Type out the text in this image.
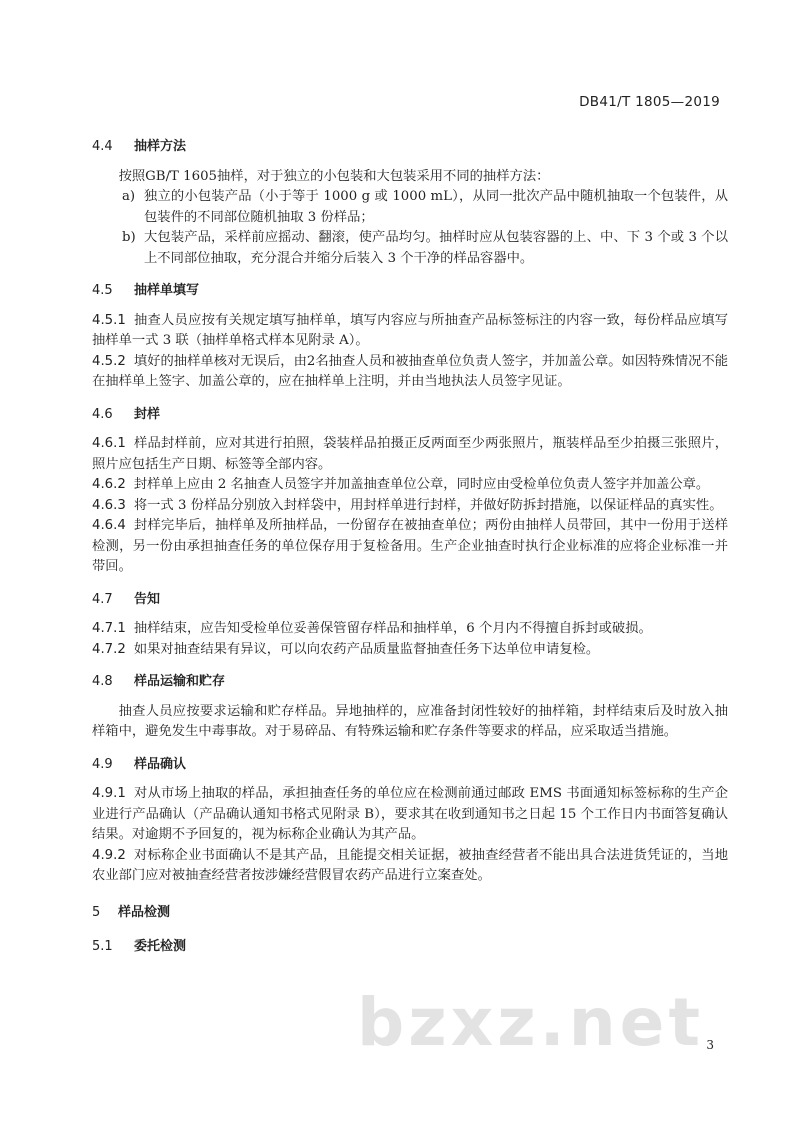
DB41/T 1805—2019
4.4 抽样方法

按照GB/T 1605抽样，对于独立的小包装和大包装采用不同的抽样方法：

a) 独立的小包装产品（小于等于 1000 g 或 1000 mL），从同一批次产品中随机抽取一个包装件，从包装件的不同部位随机抽取 3 份样品；
b) 大包装产品，采样前应摇动、翻滚，使产品均匀。抽样时应从包装容器的上、中、下 3 个或 3 个以上不同部位抽取，充分混合并缩分后装入 3 个干净的样品容器中。
4.5 抽样单填写

4.5.1 抽查人员应按有关规定填写抽样单，填写内容应与所抽查产品标签标注的内容一致，每份样品应填写抽样单一式 3 联（抽样单格式样本见附录 A）。

4.5.2 填好的抽样单核对无误后，由2名抽查人员和被抽查单位负责人签字，并加盖公章。如因特殊情况不能在抽样单上签字、加盖公章的，应在抽样单上注明，并由当地执法人员签字见证。

4.6 封样

4.6.1 样品封样前，应对其进行拍照，袋装样品拍摄正反两面至少两张照片，瓶装样品至少拍摄三张照片，照片应包括生产日期、标签等全部内容。

4.6.2 封样单上应由 2 名抽查人员签字并加盖抽查单位公章，同时应由受检单位负责人签字并加盖公章。

4.6.3 将一式 3 份样品分别放入封样袋中，用封样单进行封样，并做好防拆封措施，以保证样品的真实性。

4.6.4 封样完毕后，抽样单及所抽样品，一份留存在被抽查单位；两份由抽样人员带回，其中一份用于送样检测，另一份由承担抽查任务的单位保存用于复检备用。生产企业抽查时执行企业标准的应将企业标准一并带回。

4.7 告知

4.7.1 抽样结束，应告知受检单位妥善保管留存样品和抽样单，6 个月内不得擅自拆封或破损。

4.7.2 如果对抽查结果有异议，可以向农药产品质量监督抽查任务下达单位申请复检。

4.8 样品运输和贮存

抽查人员应按要求运输和贮存样品。异地抽样的，应准备封闭性较好的抽样箱，封样结束后及时放入抽样箱中，避免发生中毒事故。对于易碎品、有特殊运输和贮存条件等要求的样品，应采取适当措施。

4.9 样品确认

4.9.1 对从市场上抽取的样品，承担抽查任务的单位应在检测前通过邮政 EMS 书面通知标签标称的生产企业进行产品确认（产品确认通知书格式见附录 B），要求其在收到通知书之日起 15 个工作日内书面答复确认结果。对逾期不予回复的，视为标称企业确认为其产品。

4.9.2 对标称企业书面确认不是其产品，且能提交相关证据，被抽查经营者不能出具合法进货凭证的，当地农业部门应对被抽查经营者按涉嫌经营假冒农药产品进行立案查处。

5 样品检测
5.1 委托检测
bzxz.net 3
